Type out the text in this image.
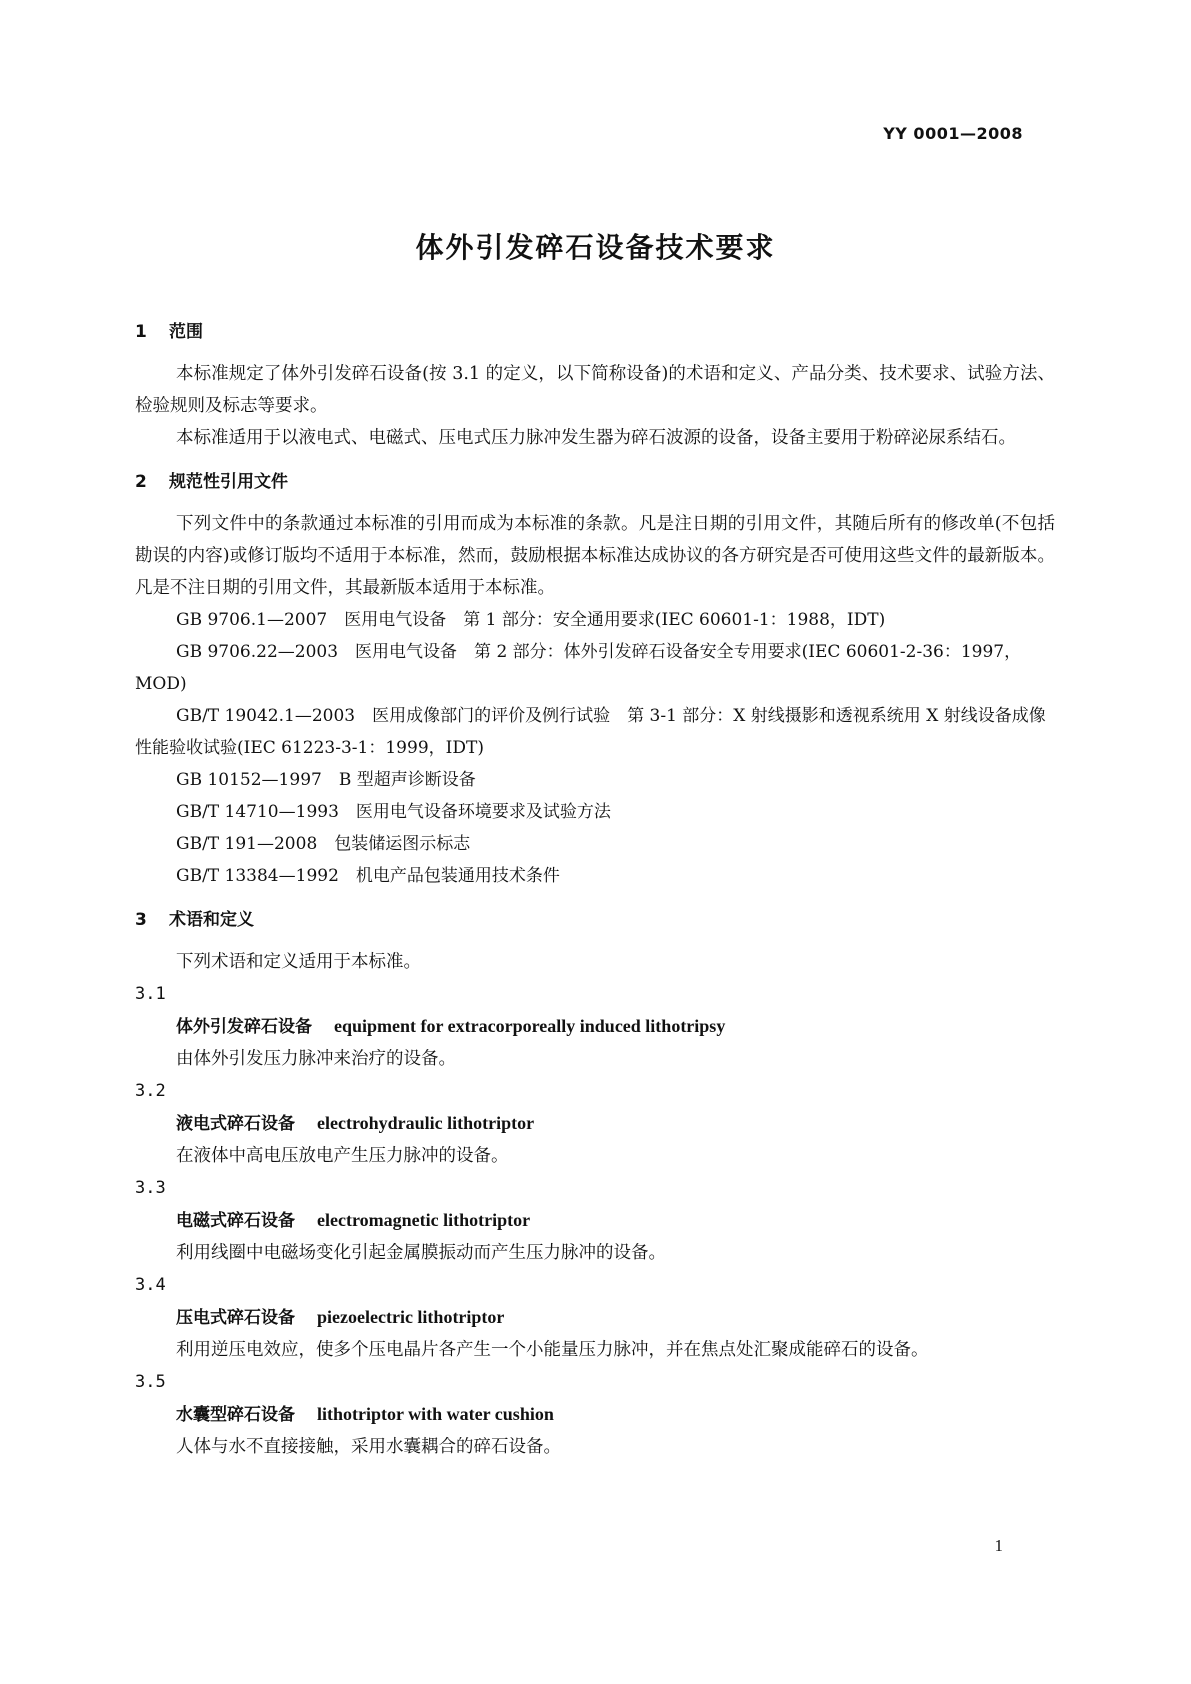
YY 0001—2008
体外引发碎石设备技术要求
1 范围

本标准规定了体外引发碎石设备(按 3.1 的定义，以下简称设备)的术语和定义、产品分类、技术要求、试验方法、检验规则及标志等要求。

本标准适用于以液电式、电磁式、压电式压力脉冲发生器为碎石波源的设备，设备主要用于粉碎泌尿系结石。

2 规范性引用文件

下列文件中的条款通过本标准的引用而成为本标准的条款。凡是注日期的引用文件，其随后所有的修改单(不包括勘误的内容)或修订版均不适用于本标准，然而，鼓励根据本标准达成协议的各方研究是否可使用这些文件的最新版本。凡是不注日期的引用文件，其最新版本适用于本标准。

GB 9706.1—2007　医用电气设备　第 1 部分：安全通用要求(IEC 60601-1：1988，IDT)

GB 9706.22—2003　医用电气设备　第 2 部分：体外引发碎石设备安全专用要求(IEC 60601-2-36：1997，MOD)

GB/T 19042.1—2003　医用成像部门的评价及例行试验　第 3-1 部分：X 射线摄影和透视系统用 X 射线设备成像性能验收试验(IEC 61223-3-1：1999，IDT)

GB 10152—1997　B 型超声诊断设备

GB/T 14710—1993　医用电气设备环境要求及试验方法

GB/T 191—2008　包装储运图示标志

GB/T 13384—1992　机电产品包装通用技术条件

3 术语和定义

下列术语和定义适用于本标准。

3.1

体外引发碎石设备 equipment for extracorporeally induced lithotripsy

由体外引发压力脉冲来治疗的设备。

3.2

液电式碎石设备 electrohydraulic lithotriptor

在液体中高电压放电产生压力脉冲的设备。

3.3

电磁式碎石设备 electromagnetic lithotriptor

利用线圈中电磁场变化引起金属膜振动而产生压力脉冲的设备。

3.4

压电式碎石设备 piezoelectric lithotriptor

利用逆压电效应，使多个压电晶片各产生一个小能量压力脉冲，并在焦点处汇聚成能碎石的设备。

3.5

水囊型碎石设备 lithotriptor with water cushion

人体与水不直接接触，采用水囊耦合的碎石设备。

1
